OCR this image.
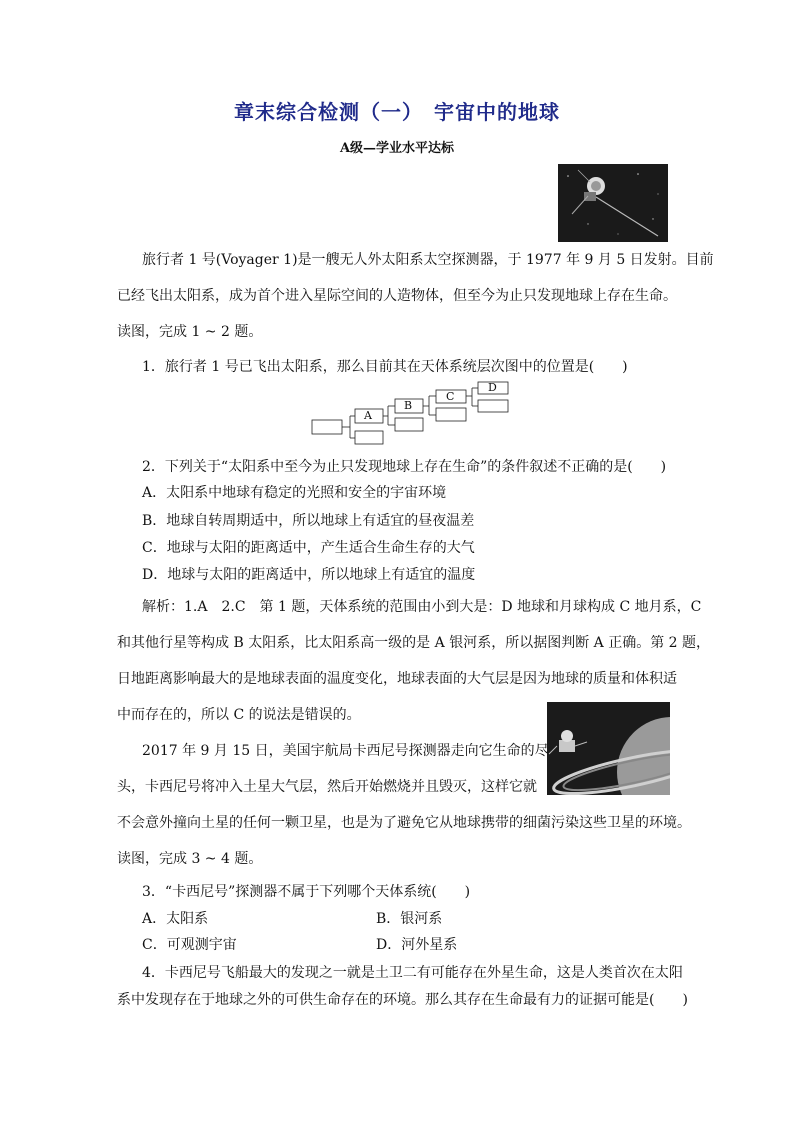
章末综合检测（一）　宇宙中的地球
A级—学业水平达标
旅行者 1 号(Voyager 1)是一艘无人外太阳系太空探测器，于 1977 年 9 月 5 日发射。目前
已经飞出太阳系，成为首个进入星际空间的人造物体，但至今为止只发现地球上存在生命。
读图，完成 1 ~ 2 题。
1．旅行者 1 号已飞出太阳系，那么目前其在天体系统层次图中的位置是(　　)
A
B
C
D
2．下列关于“太阳系中至今为止只发现地球上存在生命”的条件叙述不正确的是(　　)
A．太阳系中地球有稳定的光照和安全的宇宙环境
B．地球自转周期适中，所以地球上有适宜的昼夜温差
C．地球与太阳的距离适中，产生适合生命生存的大气
D．地球与太阳的距离适中，所以地球上有适宜的温度
解析：1.A　2.C　第 1 题，天体系统的范围由小到大是：D 地球和月球构成 C 地月系，C
和其他行星等构成 B 太阳系，比太阳系高一级的是 A 银河系，所以据图判断 A 正确。第 2 题，
日地距离影响最大的是地球表面的温度变化，地球表面的大气层是因为地球的质量和体积适
中而存在的，所以 C 的说法是错误的。
2017 年 9 月 15 日，美国宇航局卡西尼号探测器走向它生命的尽
头，卡西尼号将冲入土星大气层，然后开始燃烧并且毁灭，这样它就
不会意外撞向土星的任何一颗卫星，也是为了避免它从地球携带的细菌污染这些卫星的环境。
读图，完成 3 ~ 4 题。
3．“卡西尼号”探测器不属于下列哪个天体系统(　　)
A．太阳系	B．银河系
C．可观测宇宙	D．河外星系
4．卡西尼号飞船最大的发现之一就是土卫二有可能存在外星生命，这是人类首次在太阳
系中发现存在于地球之外的可供生命存在的环境。那么其存在生命最有力的证据可能是(　　)
